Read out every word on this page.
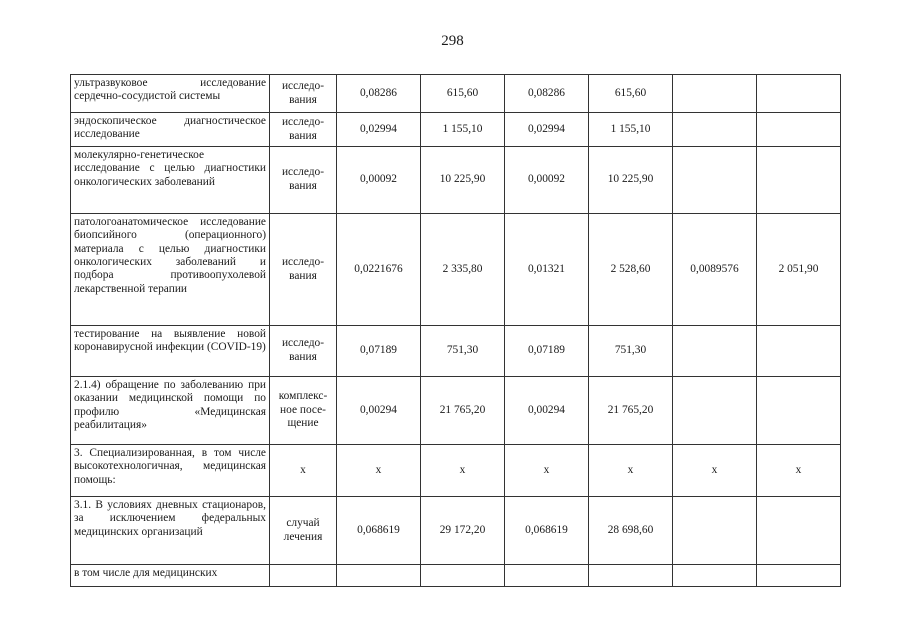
298
ультразвуковое исследование сердечно-сосудистой системы	исследо-вания	0,08286	615,60	0,08286	615,60		
эндоскопическое диагностическое исследование	исследо-вания	0,02994	1 155,10	0,02994	1 155,10		
молекулярно-генетическое исследование с целью диагностики онкологических заболеваний	исследо-вания	0,00092	10 225,90	0,00092	10 225,90		
патологоанатомическое исследование биопсийного (операционного) материала с целью диагностики онкологических заболеваний и подбора противоопухолевой лекарственной терапии	исследо-вания	0,0221676	2 335,80	0,01321	2 528,60	0,0089576	2 051,90
тестирование на выявление новой коронавирусной инфекции (COVID-19)	исследо-вания	0,07189	751,30	0,07189	751,30		
2.1.4) обращение по заболеванию при оказании медицинской помощи по профилю «Медицинская реабилитация»	комплекс-ное посе-щение	0,00294	21 765,20	0,00294	21 765,20		
3. Специализированная, в том числе высокотехнологичная, медицинская помощь:	х	х	х	х	х	х	х
3.1. В условиях дневных стационаров, за исключением федеральных медицинских организаций	случай лечения	0,068619	29 172,20	0,068619	28 698,60		
в том числе для медицинских							
